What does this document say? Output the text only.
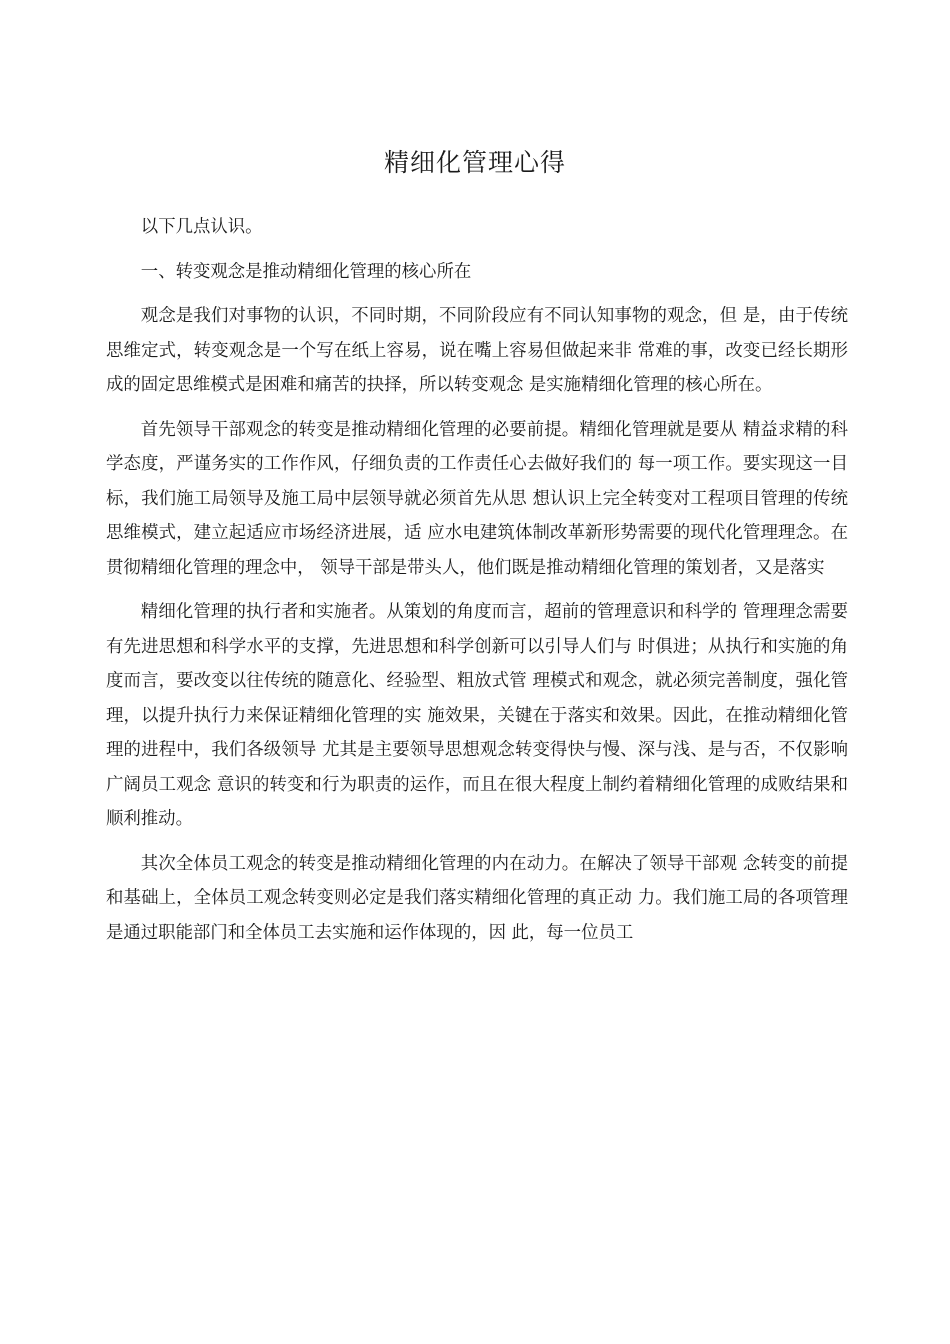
精细化管理心得

以下几点认识。

一、转变观念是推动精细化管理的核心所在

观念是我们对事物的认识，不同时期，不同阶段应有不同认知事物的观念，但 是，由于传统思维定式，转变观念是一个写在纸上容易，说在嘴上容易但做起来非 常难的事，改变已经长期形成的固定思维模式是困难和痛苦的抉择，所以转变观念 是实施精细化管理的核心所在。

首先领导干部观念的转变是推动精细化管理的必要前提。精细化管理就是要从 精益求精的科学态度，严谨务实的工作作风，仔细负责的工作责任心去做好我们的 每一项工作。要实现这一目标，我们施工局领导及施工局中层领导就必须首先从思 想认识上完全转变对工程项目管理的传统思维模式，建立起适应市场经济进展，适 应水电建筑体制改革新形势需要的现代化管理理念。在贯彻精细化管理的理念中， 领导干部是带头人，他们既是推动精细化管理的策划者，又是落实

精细化管理的执行者和实施者。从策划的角度而言，超前的管理意识和科学的 管理理念需要有先进思想和科学水平的支撑，先进思想和科学创新可以引导人们与 时俱进；从执行和实施的角度而言，要改变以往传统的随意化、经验型、粗放式管 理模式和观念，就必须完善制度，强化管理，以提升执行力来保证精细化管理的实 施效果，关键在于落实和效果。因此，在推动精细化管理的进程中，我们各级领导 尤其是主要领导思想观念转变得快与慢、深与浅、是与否，不仅影响广阔员工观念 意识的转变和行为职责的运作，而且在很大程度上制约着精细化管理的成败结果和 顺利推动。

其次全体员工观念的转变是推动精细化管理的内在动力。在解决了领导干部观 念转变的前提和基础上，全体员工观念转变则必定是我们落实精细化管理的真正动 力。我们施工局的各项管理是通过职能部门和全体员工去实施和运作体现的，因 此，每一位员工
